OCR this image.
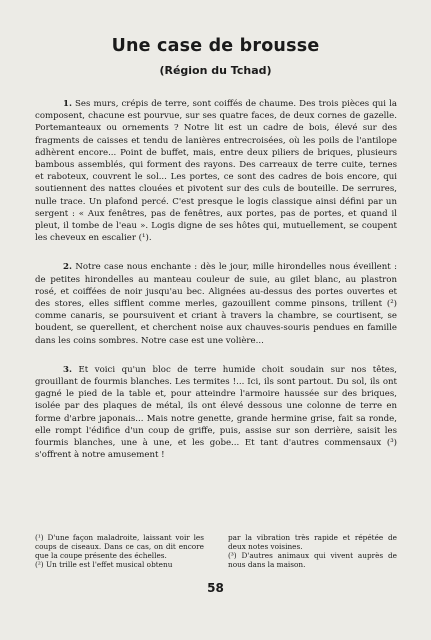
Une case de brousse
(Région du Tchad)

1. Ses murs, crépis de terre, sont coiffés de chaume. Des trois pièces qui la composent, chacune est pourvue, sur ses quatre faces, de deux cornes de gazelle. Portemanteaux ou ornements ? Notre lit est un cadre de bois, élevé sur des fragments de caisses et tendu de lanières entrecroisées, où les poils de l'antilope adhèrent encore... Point de buffet, mais, entre deux piliers de briques, plusieurs bambous assemblés, qui forment des rayons. Des carreaux de terre cuite, ternes et raboteux, couvrent le sol... Les portes, ce sont des cadres de bois encore, qui soutiennent des nattes clouées et pivotent sur des culs de bouteille. De serrures, nulle trace. Un plafond percé. C'est presque le logis classique ainsi défini par un sergent : « Aux fenêtres, pas de fenêtres, aux portes, pas de portes, et quand il pleut, il tombe de l'eau ». Logis digne de ses hôtes qui, mutuellement, se coupent les cheveux en escalier (¹).

2. Notre case nous enchante : dès le jour, mille hirondelles nous éveillent : de petites hirondelles au manteau couleur de suie, au gilet blanc, au plastron rosé, et coiffées de noir jusqu'au bec. Alignées au-dessus des portes ouvertes et des stores, elles sifflent comme merles, gazouillent comme pinsons, trillent (²) comme canaris, se poursuivent et criant à travers la chambre, se courtisent, se boudent, se querellent, et cherchent noise aux chauves-souris pendues en famille dans les coins sombres. Notre case est une volière...

3. Et voici qu'un bloc de terre humide choit soudain sur nos têtes, grouillant de fourmis blanches. Les termites !... Ici, ils sont partout. Du sol, ils ont gagné le pied de la table et, pour atteindre l'armoire haussée sur des briques, isolée par des plaques de métal, ils ont élevé dessous une colonne de terre en forme d'arbre japonais... Mais notre genette, grande hermine grise, fait sa ronde, elle rompt l'édifice d'un coup de griffe, puis, assise sur son derrière, saisit les fourmis blanches, une à une, et les gobe... Et tant d'autres commensaux (³) s'offrent à notre amusement !

(¹) D'une façon maladroite, laissant voir les coups de ciseaux. Dans ce cas, on dit encore que la coupe présente des échelles.

(²) Un trille est l'effet musical obtenu

par la vibration très rapide et répétée de deux notes voisines.

(³) D'autres animaux qui vivent auprès de nous dans la maison.

58
